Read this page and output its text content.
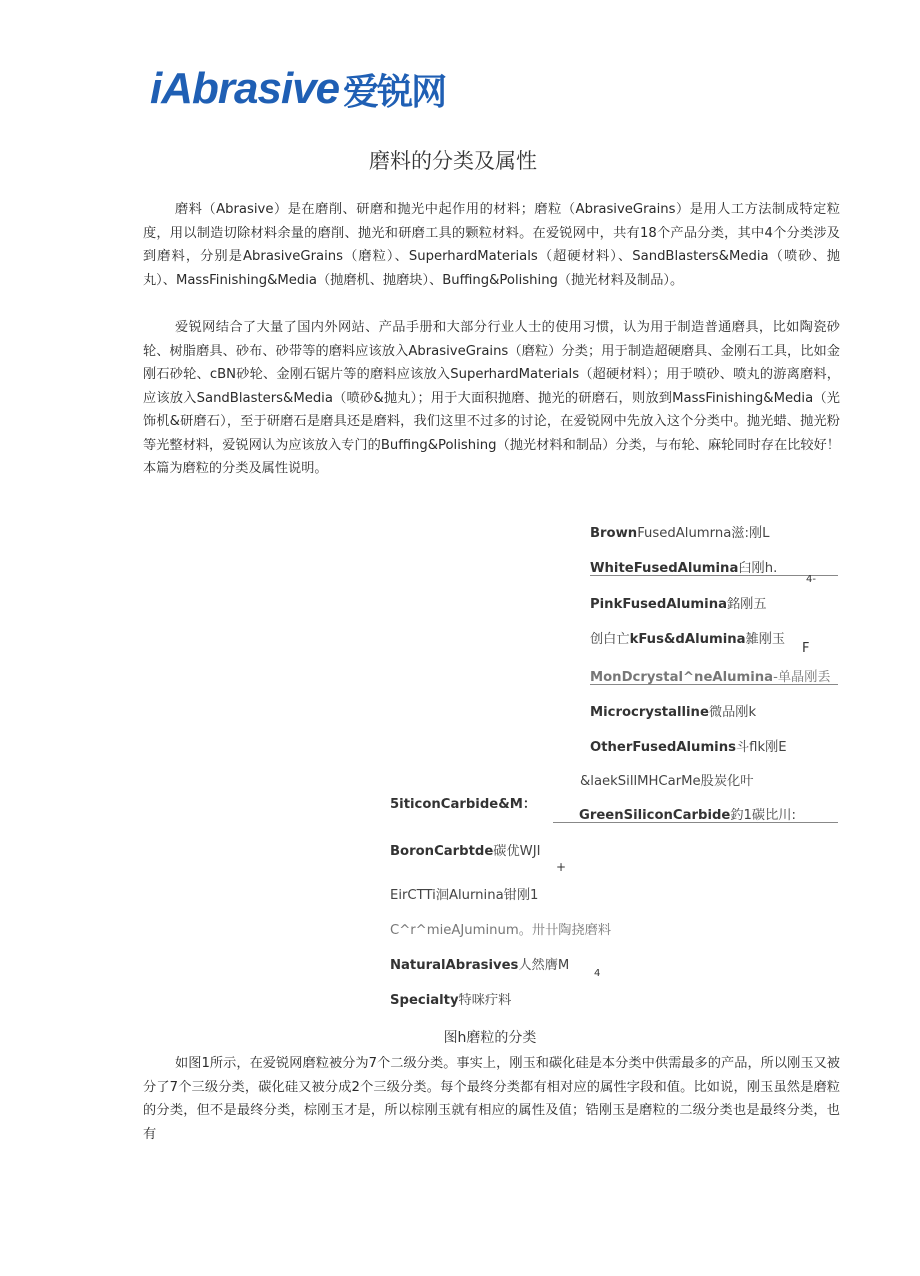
iAbrasive 爱锐网
磨料的分类及属性

磨料（Abrasive）是在磨削、研磨和抛光中起作用的材料；磨粒（AbrasiveGrains）是用人工方法制成特定粒度，用以制造切除材料余量的磨削、抛光和研磨工具的颗粒材料。在爱锐网中，共有18个产品分类，其中4个分类涉及到磨料，分别是AbrasiveGrains（磨粒）、SuperhardMaterials（超硬材料）、SandBlasters&Media（喷砂、抛丸）、MassFinishing&Media（抛磨机、抛磨块）、Buffing&Polishing（抛光材料及制品）。

爱锐网结合了大量了国内外网站、产品手册和大部分行业人士的使用习惯，认为用于制造普通磨具，比如陶瓷砂轮、树脂磨具、砂布、砂带等的磨料应该放入AbrasiveGrains（磨粒）分类；用于制造超硬磨具、金刚石工具，比如金刚石砂轮、cBN砂轮、金刚石锯片等的磨料应该放入SuperhardMaterials（超硬材料）；用于喷砂、喷丸的游离磨料，应该放入SandBlasters&Media（喷砂&抛丸）；用于大面积抛磨、抛光的研磨石，则放到MassFinishing&Media（光饰机&研磨石），至于研磨石是磨具还是磨料，我们这里不过多的讨论，在爱锐网中先放入这个分类中。抛光蜡、抛光粉等光整材料，爱锐网认为应该放入专门的Buffing&Polishing（抛光材料和制品）分类，与布轮、麻轮同时存在比较好！本篇为磨粒的分类及属性说明。

BrownFusedAlumrna滋:刚L
WhiteFusedAlumina臼刚h.
4-
PinkFusedAlumina銘刚五
创白亡kFus&dAlumina雑刚玉
F
MonDcrystal^neAlumina-单晶刚丢
Microcrystalline微品刚k
OtherFusedAlumins斗flk刚E
&laekSillMHCarMe股炭化叶
5iticonCarbide&M：
GreenSiliconCarbide釣1碳比川:
BoronCarbtde碳优WJI
+
EirCTTi洄Alurnina钳刚1
C^r^mieAJuminum。卅卄陶挠磨料
NaturalAbrasives人然膺M
4
Specialty特咪疔料
图h磨粒的分类

如图1所示，在爱锐网磨粒被分为7个二级分类。事实上，刚玉和碳化硅是本分类中供需最多的产品，所以刚玉又被分了7个三级分类，碳化硅又被分成2个三级分类。每个最终分类都有相对应的属性字段和值。比如说，刚玉虽然是磨粒的分类，但不是最终分类，棕刚玉才是，所以棕刚玉就有相应的属性及值；锆刚玉是磨粒的二级分类也是最终分类，也有
